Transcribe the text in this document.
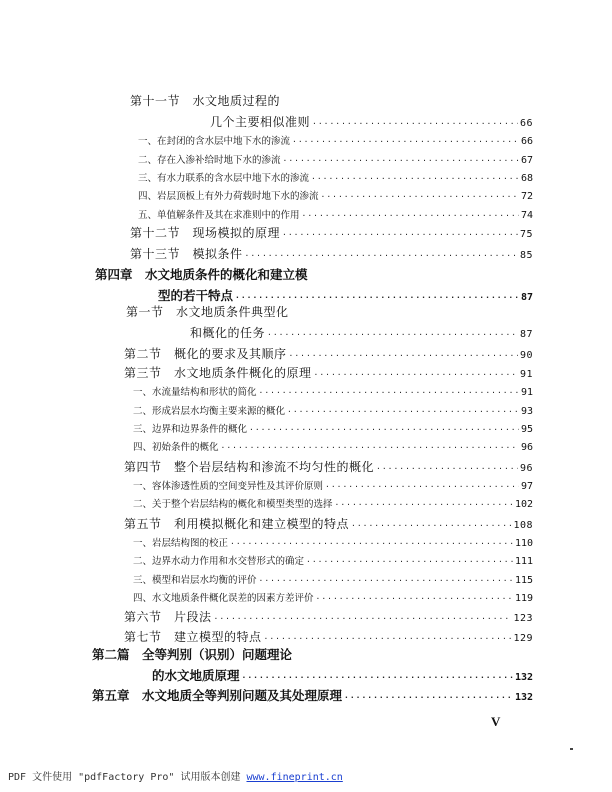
第十一节　水文地质过程的
几个主要相似准则 ·····	66
一、在封闭的含水层中地下水的渗流 ·····	66
二、存在入渗补给时地下水的渗流 ·····	67
三、有水力联系的含水层中地下水的渗流 ·····	68
四、岩层顶板上有外力荷载时地下水的渗流 ·····	72
五、单值解条件及其在求准则中的作用 ·····	74
第十二节　现场模拟的原理 ·····	75
第十三节　模拟条件 ·····	85
第四章　水文地质条件的概化和建立模
型的若干特点 ·····	87
第一节　水文地质条件典型化
和概化的任务 ·····	87
第二节　概化的要求及其顺序 ·····	90
第三节　水文地质条件概化的原理 ·····	91
一、水流量结构和形状的简化 ·····	91
二、形成岩层水均衡主要来源的概化 ·····	93
三、边界和边界条件的概化 ·····	95
四、初始条件的概化 ·····	96
第四节　整个岩层结构和渗流不均匀性的概化 ·····	96
一、容体渗透性质的空间变异性及其评价原则 ·····	97
二、关于整个岩层结构的概化和模型类型的选择 ·····	102
第五节　利用模拟概化和建立模型的特点 ·····	108
一、岩层结构图的校正 ·····	110
二、边界水动力作用和水交替形式的确定 ·····	111
三、模型和岩层水均衡的评价 ·····	115
四、水文地质条件概化误差的因素方差评价 ·····	119
第六节　片段法 ·····	123
第七节　建立模型的特点 ·····	129
第二篇　全等判别（识别）问题理论
的水文地质原理 ·····	132
第五章　水文地质全等判别问题及其处理原理 ·····	132
V
PDF 文件使用 "pdfFactory Pro" 试用版本创建 www.fineprint.cn
